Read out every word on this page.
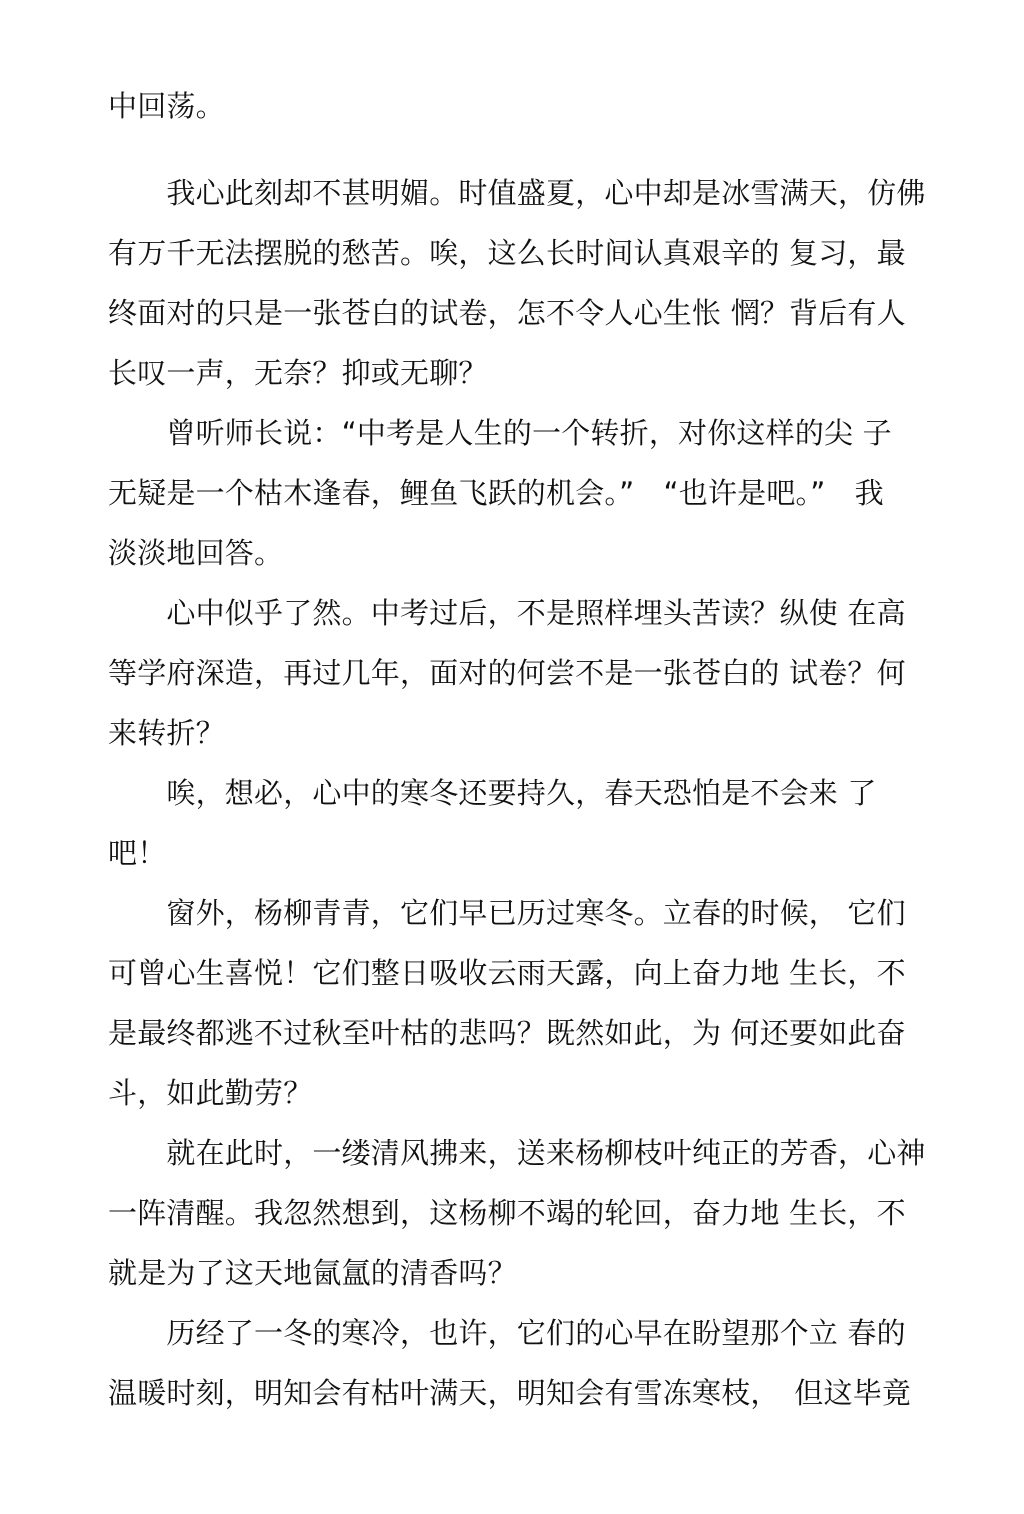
中回荡。
　　我心此刻却不甚明媚。时值盛夏，心中却是冰雪满天，仿佛
有万千无法摆脱的愁苦。唉，这么长时间认真艰辛的 复习，最
终面对的只是一张苍白的试卷，怎不令人心生怅 惘？背后有人
长叹一声，无奈？抑或无聊？
　　曾听师长说：“中考是人生的一个转折，对你这样的尖 子
无疑是一个枯木逢春，鲤鱼飞跃的机会。”　“也许是吧。”　我
淡淡地回答。
　　心中似乎了然。中考过后，不是照样埋头苦读？纵使 在高
等学府深造，再过几年，面对的何尝不是一张苍白的 试卷？何
来转折？
　　唉，想必，心中的寒冬还要持久，春天恐怕是不会来 了
吧！
　　窗外，杨柳青青，它们早已历过寒冬。立春的时候， 它们
可曾心生喜悦！它们整日吸收云雨天露，向上奋力地 生长，不
是最终都逃不过秋至叶枯的悲吗？既然如此，为 何还要如此奋
斗，如此勤劳？
　　就在此时，一缕清风拂来，送来杨柳枝叶纯正的芳香，心神
一阵清醒。我忽然想到，这杨柳不竭的轮回，奋力地 生长，不
就是为了这天地氤氲的清香吗？
　　历经了一冬的寒冷，也许，它们的心早在盼望那个立 春的
温暖时刻，明知会有枯叶满天，明知会有雪冻寒枝，　但这毕竟
